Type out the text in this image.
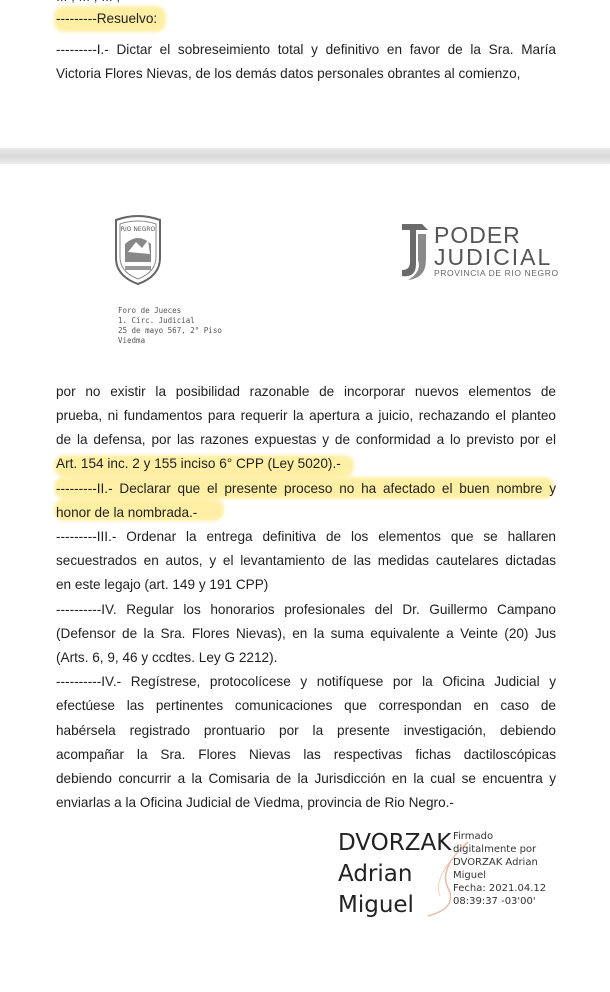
---------Resuelvo:
---------I.- Dictar el sobreseimiento total y definitivo en favor de la Sra. María
Victoria Flores Nievas, de los demás datos personales obrantes al comienzo,
RIO NEGRO	PODER
JUDICIAL
PROVINCIA DE RIO NEGRO
Foro de Jueces
1. Circ. Judicial
25 de mayo 567, 2° Piso
Viedma
por no existir la posibilidad razonable de incorporar nuevos elementos de
prueba, ni fundamentos para requerir la apertura a juicio, rechazando el planteo
de la defensa, por las razones expuestas y de conformidad a lo previsto por el
Art. 154 inc. 2 y 155 inciso 6° CPP (Ley 5020).-
---------II.- Declarar que el presente proceso no ha afectado el buen nombre y
honor de la nombrada.-
---------III.- Ordenar la entrega definitiva de los elementos que se hallaren
secuestrados en autos, y el levantamiento de las medidas cautelares dictadas
en este legajo (art. 149 y 191 CPP)
----------IV. Regular los honorarios profesionales del Dr. Guillermo Campano
(Defensor de la Sra. Flores Nievas), en la suma equivalente a Veinte (20) Jus
(Arts. 6, 9, 46 y ccdtes. Ley G 2212).
----------IV.- Regístrese, protocolícese y notifíquese por la Oficina Judicial y
efectúese las pertinentes comunicaciones que correspondan en caso de
habérsela registrado prontuario por la presente investigación, debiendo
acompañar la Sra. Flores Nievas las respectivas fichas dactiloscópicas
debiendo concurrir a la Comisaria de la Jurisdicción en la cual se encuentra y
enviarlas a la Oficina Judicial de Viedma, provincia de Rio Negro.-
DVORZAK
Adrian
Miguel
Firmado
digitalmente por
DVORZAK Adrian
Miguel
Fecha: 2021.04.12
08:39:37 -03'00'
